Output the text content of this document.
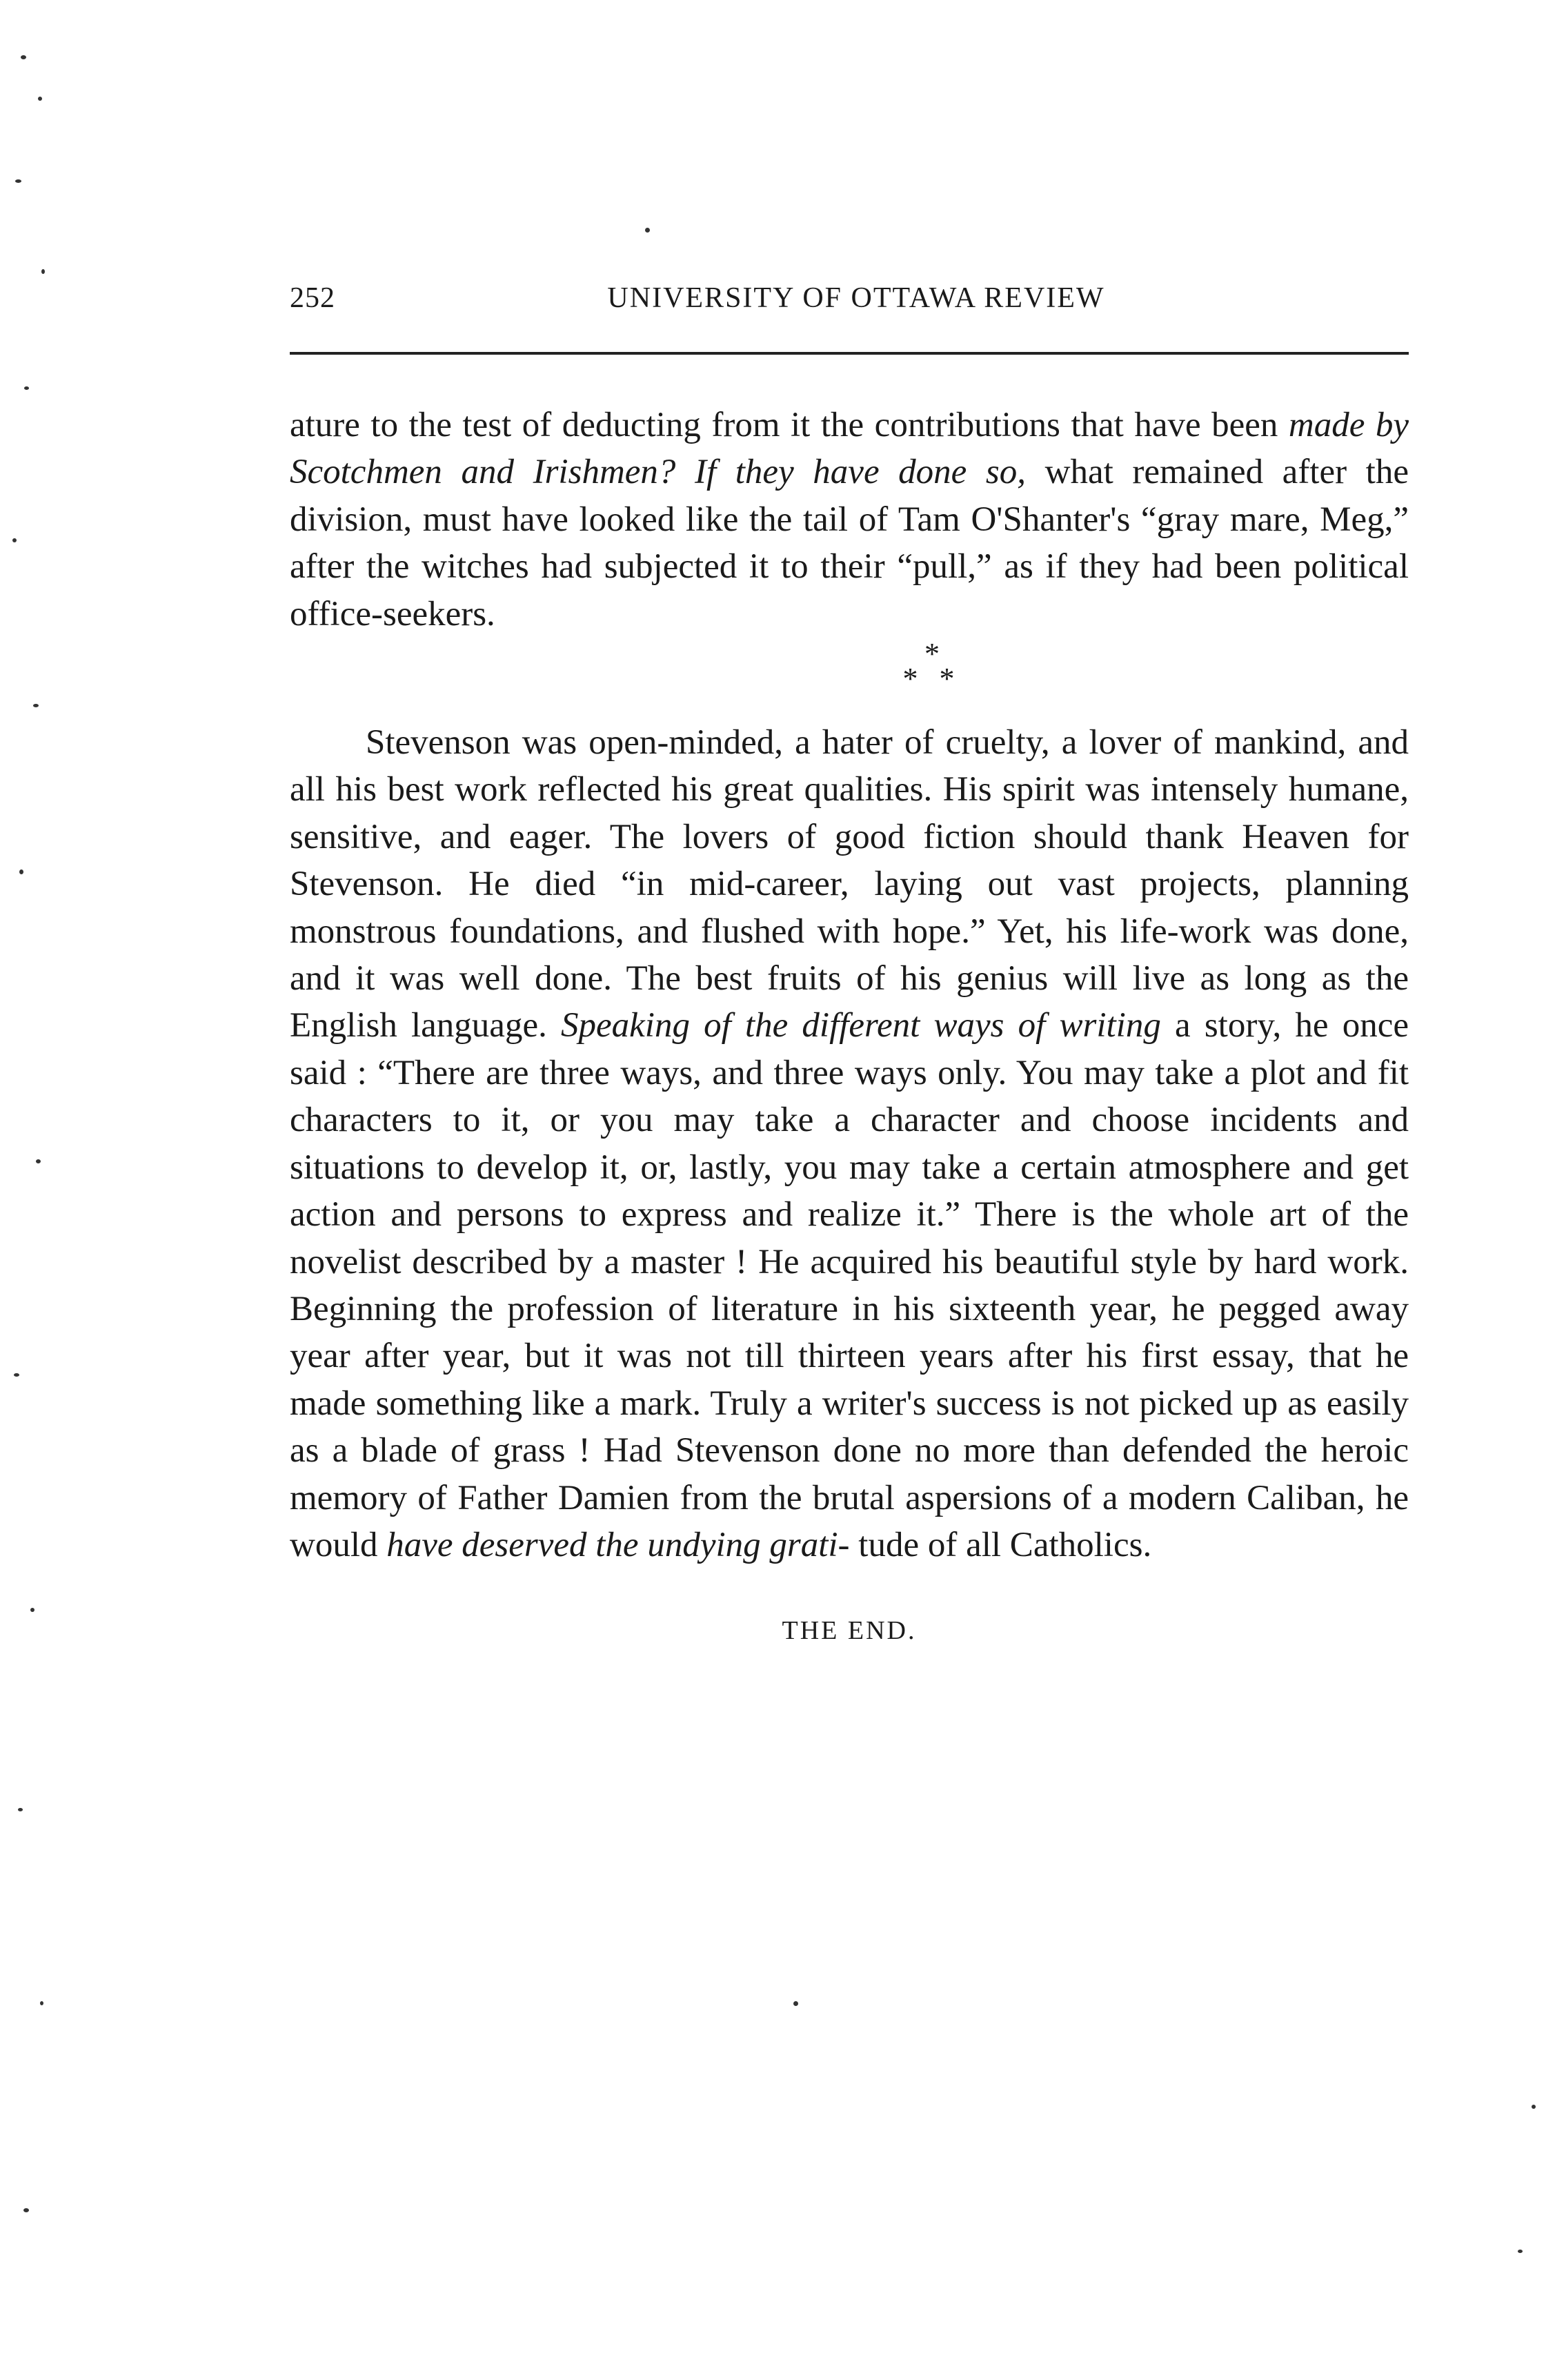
252	UNIVERSITY OF OTTAWA REVIEW

ature to the test of deducting from it the contributions that have been made by Scotchmen and Irishmen? If they have done so, what remained after the division, must have looked like the tail of Tam O'Shanter's “gray mare, Meg,” after the witches had subjected it to their “pull,” as if they had been political office-seekers.

*
* *

Stevenson was open-minded, a hater of cruelty, a lover of mankind, and all his best work reflected his great qualities. His spirit was intensely humane, sensitive, and eager. The lovers of good fiction should thank Heaven for Stevenson. He died “in mid-career, laying out vast projects, planning monstrous foundations, and flushed with hope.” Yet, his life-work was done, and it was well done. The best fruits of his genius will live as long as the English language. Speaking of the different ways of writing a story, he once said : “There are three ways, and three ways only. You may take a plot and fit characters to it, or you may take a character and choose incidents and situations to develop it, or, lastly, you may take a certain atmosphere and get action and persons to express and realize it.” There is the whole art of the novelist described by a master ! He acquired his beautiful style by hard work. Beginning the profession of literature in his sixteenth year, he pegged away year after year, but it was not till thirteen years after his first essay, that he made something like a mark. Truly a writer's success is not picked up as easily as a blade of grass ! Had Stevenson done no more than defended the heroic memory of Father Damien from the brutal aspersions of a modern Caliban, he would have deserved the undying grati- tude of all Catholics.

THE END.
